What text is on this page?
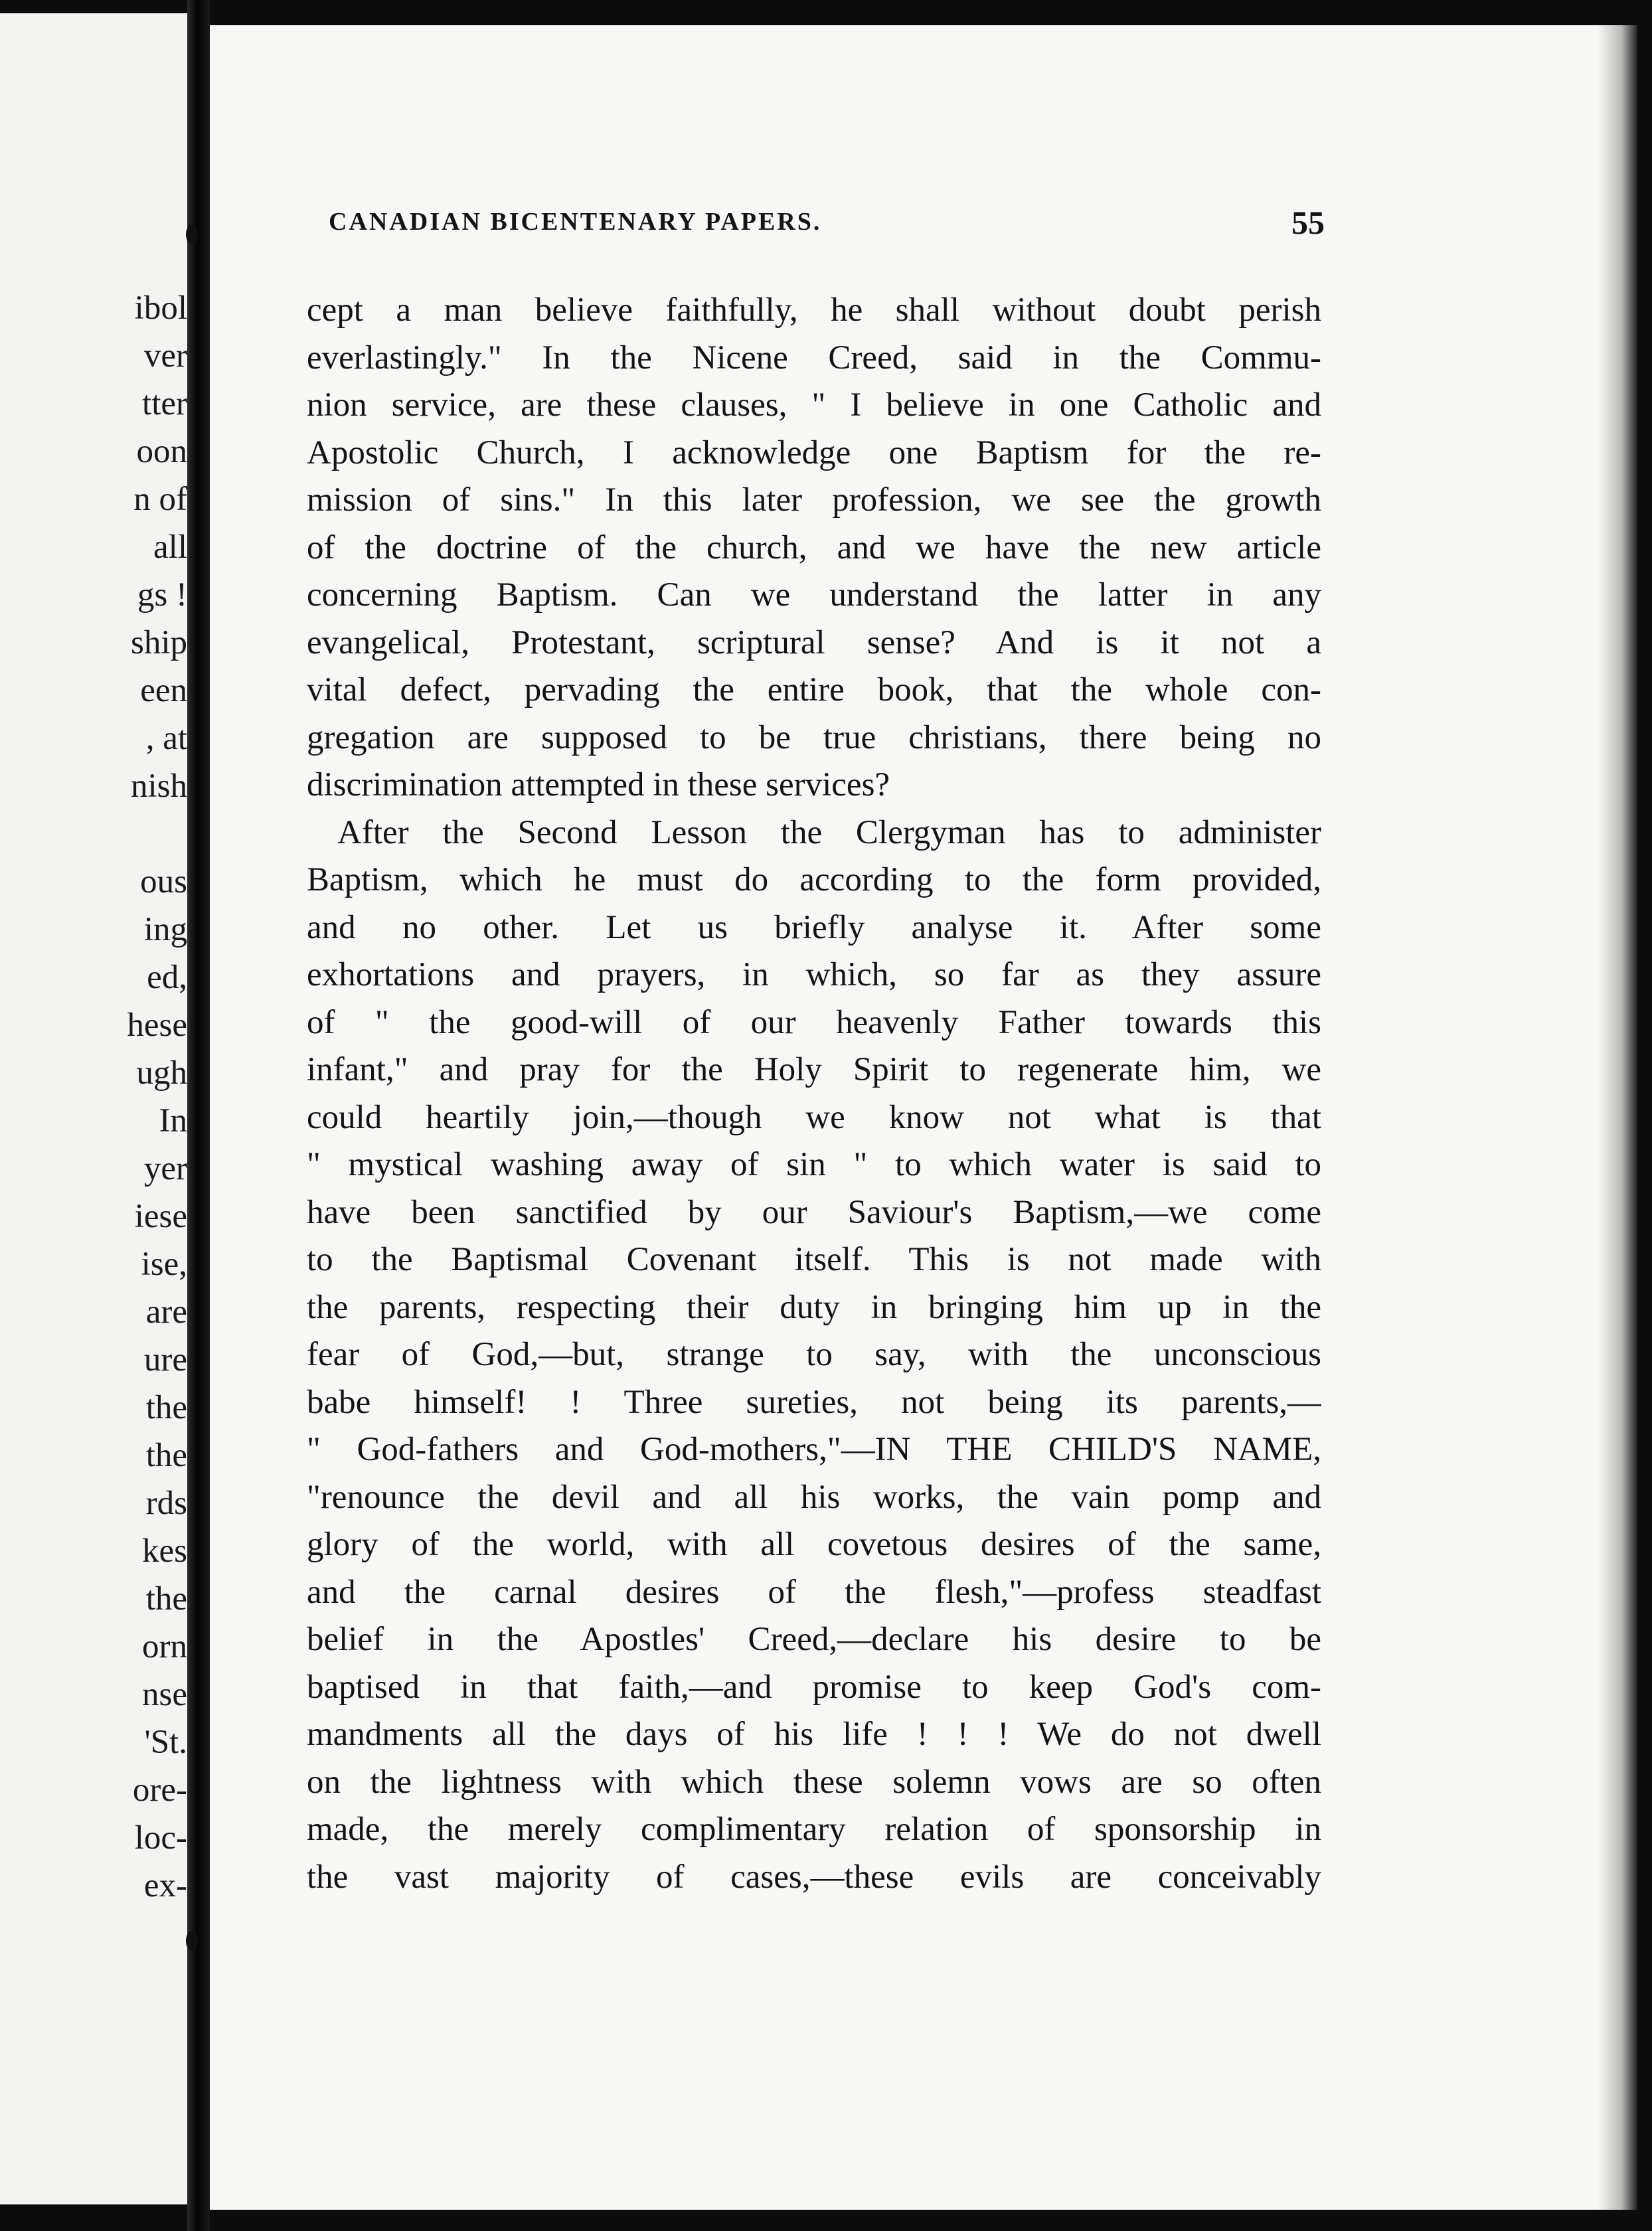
ibol
ver
tter
oon
n of
all
gs !
ship
een
, at
nish
ous
ing
ed,
hese
ugh
In
yer
iese
ise,
are
ure
the
the
rds
kes
the
orn
nse
'St.
ore-
loc-
ex-
CANADIAN BICENTENARY PAPERS.	55
cept a man believe faithfully, he shall without doubt perish
everlastingly." In the Nicene Creed, said in the Commu-
nion service, are these clauses, " I believe in one Catholic and
Apostolic Church, I acknowledge one Baptism for the re-
mission of sins." In this later profession, we see the growth
of the doctrine of the church, and we have the new article
concerning Baptism. Can we understand the latter in any
evangelical, Protestant, scriptural sense? And is it not a
vital defect, pervading the entire book, that the whole con-
gregation are supposed to be true christians, there being no
discrimination attempted in these services?
After the Second Lesson the Clergyman has to administer
Baptism, which he must do according to the form provided,
and no other. Let us briefly analyse it. After some
exhortations and prayers, in which, so far as they assure
of " the good-will of our heavenly Father towards this
infant," and pray for the Holy Spirit to regenerate him, we
could heartily join,—though we know not what is that
" mystical washing away of sin " to which water is said to
have been sanctified by our Saviour's Baptism,—we come
to the Baptismal Covenant itself. This is not made with
the parents, respecting their duty in bringing him up in the
fear of God,—but, strange to say, with the unconscious
babe himself! ! Three sureties, not being its parents,—
" God-fathers and God-mothers,"—IN THE CHILD'S NAME,
"renounce the devil and all his works, the vain pomp and
glory of the world, with all covetous desires of the same,
and the carnal desires of the flesh,"—profess steadfast
belief in the Apostles' Creed,—declare his desire to be
baptised in that faith,—and promise to keep God's com-
mandments all the days of his life ! ! ! We do not dwell
on the lightness with which these solemn vows are so often
made, the merely complimentary relation of sponsorship in
the vast majority of cases,—these evils are conceivably
